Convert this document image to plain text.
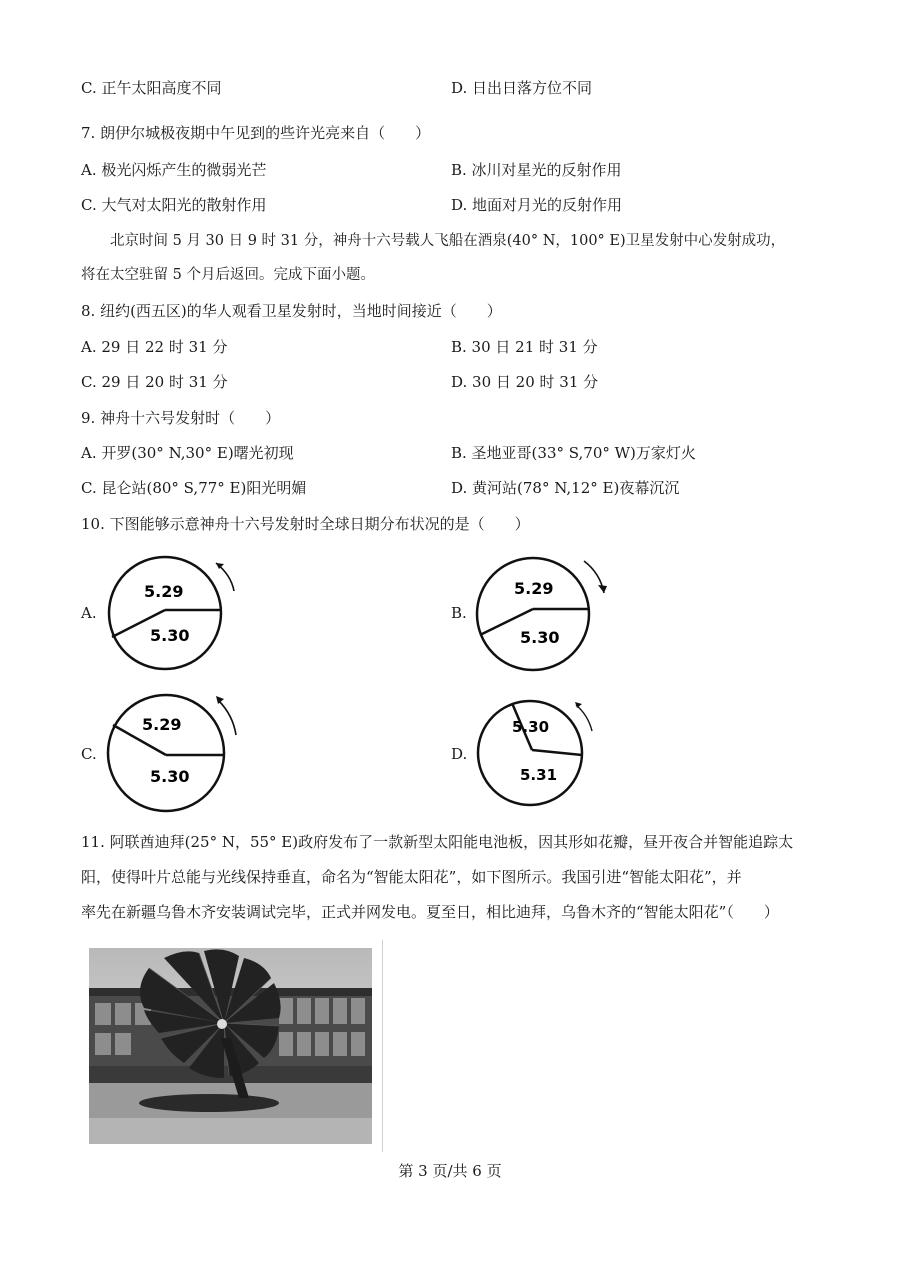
C. 正午太阳高度不同	D. 日出日落方位不同
7. 朗伊尔城极夜期中午见到的些许光亮来自（　　）
A. 极光闪烁产生的微弱光芒	B. 冰川对星光的反射作用
C. 大气对太阳光的散射作用	D. 地面对月光的反射作用
北京时间 5 月 30 日 9 时 31 分，神舟十六号载人飞船在酒泉(40° N，100° E)卫星发射中心发射成功，
将在太空驻留 5 个月后返回。完成下面小题。
8. 纽约(西五区)的华人观看卫星发射时，当地时间接近（　　）
A. 29 日 22 时 31 分	B. 30 日 21 时 31 分
C. 29 日 20 时 31 分	D. 30 日 20 时 31 分
9. 神舟十六号发射时（　　）
A. 开罗(30° N,30° E)曙光初现	B. 圣地亚哥(33° S,70° W)万家灯火
C. 昆仑站(80° S,77° E)阳光明媚	D. 黄河站(78° N,12° E)夜幕沉沉
10. 下图能够示意神舟十六号发射时全球日期分布状况的是（　　）
A.
5.29
5.30
B.
5.29
5.30
C.
5.29
5.30
D.
5.30
5.31
11. 阿联酋迪拜(25° N，55° E)政府发布了一款新型太阳能电池板，因其形如花瓣，昼开夜合并智能追踪太
阳，使得叶片总能与光线保持垂直，命名为“智能太阳花”，如下图所示。我国引进“智能太阳花”，并
率先在新疆乌鲁木齐安装调试完毕，正式并网发电。夏至日，相比迪拜，乌鲁木齐的“智能太阳花”（　　）
第 3 页/共 6 页
